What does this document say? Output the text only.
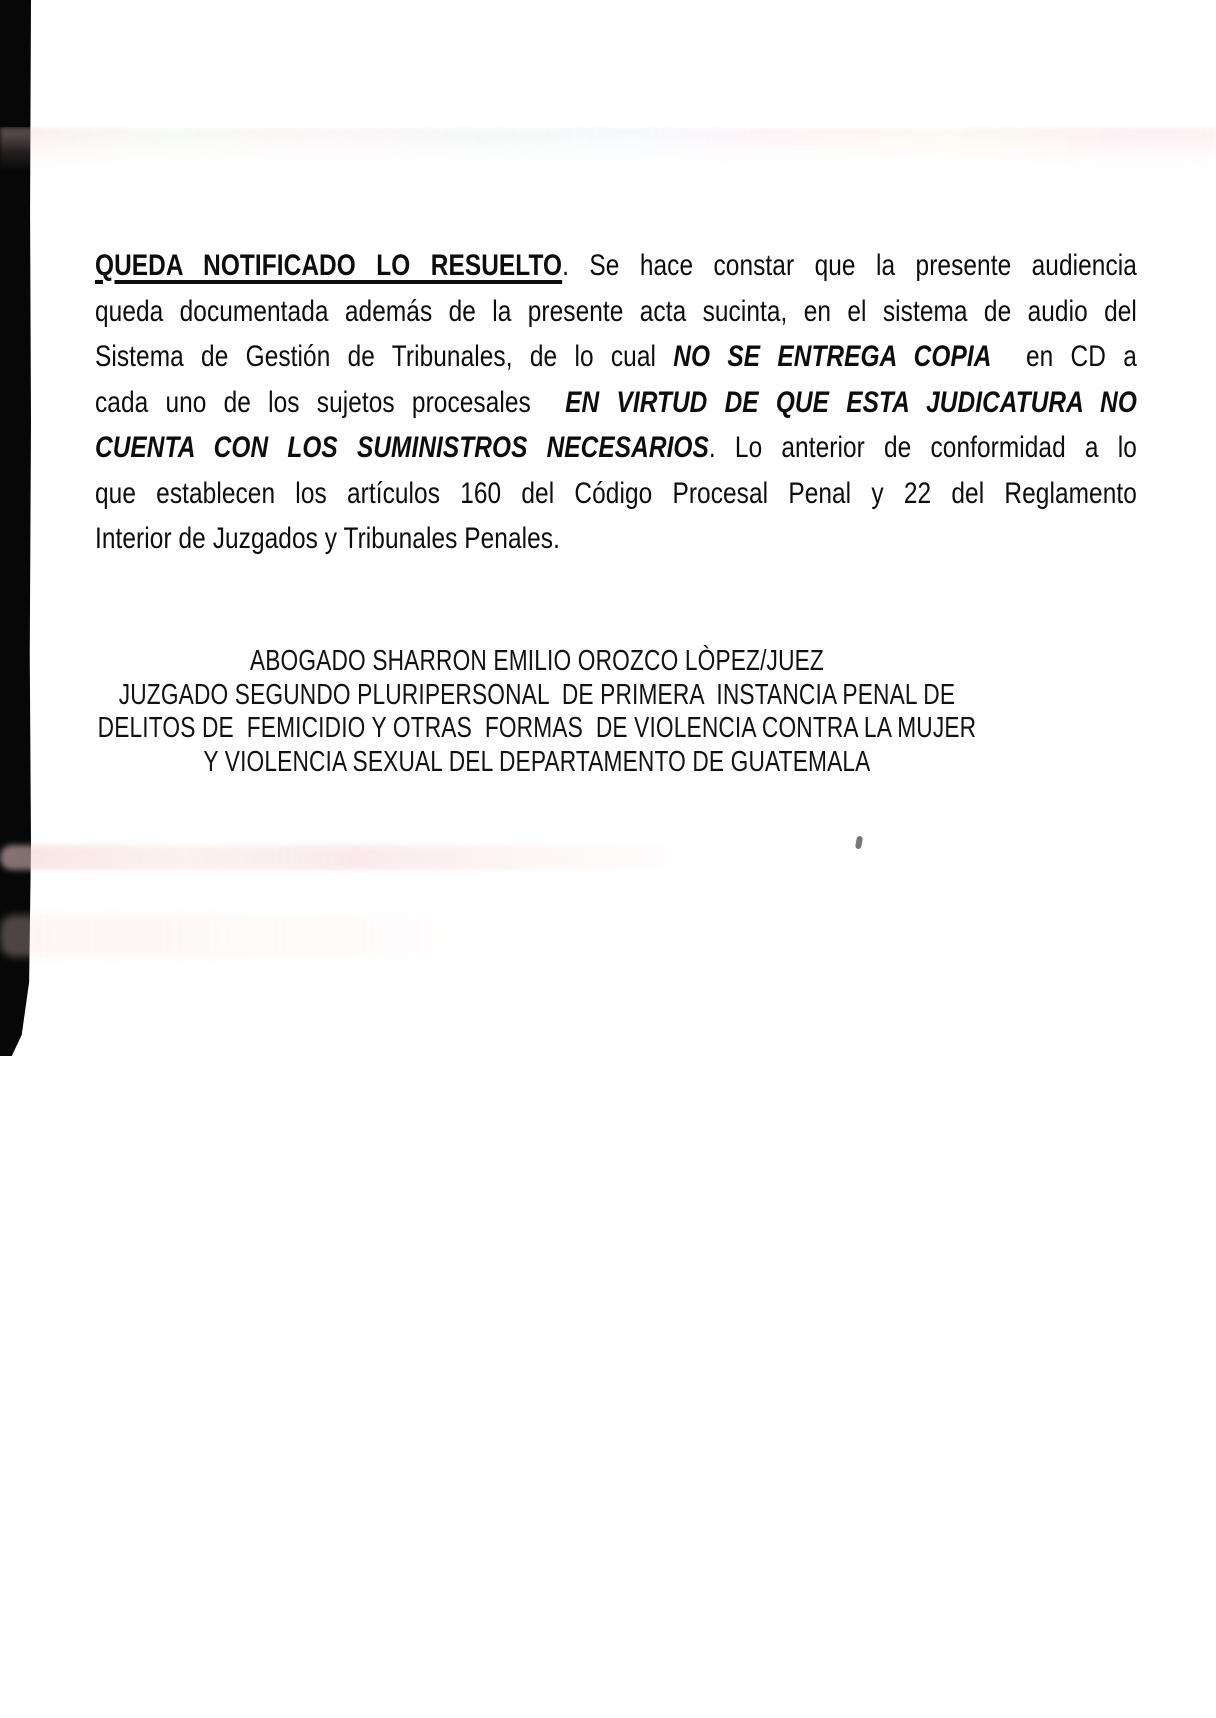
QUEDA NOTIFICADO LO RESUELTO. Se hace constar que la presente audiencia
queda documentada además de la presente acta sucinta, en el sistema de audio del
Sistema de Gestión de Tribunales, de lo cual NO SE ENTREGA COPIA  en CD a
cada uno de los sujetos procesales  EN VIRTUD DE QUE ESTA JUDICATURA NO
CUENTA CON LOS SUMINISTROS NECESARIOS. Lo anterior de conformidad a lo
que establecen los artículos 160 del Código Procesal Penal y 22 del Reglamento
Interior de Juzgados y Tribunales Penales.
ABOGADO SHARRON EMILIO OROZCO LÒPEZ/JUEZ
JUZGADO SEGUNDO PLURIPERSONAL  DE PRIMERA  INSTANCIA PENAL DE
DELITOS DE  FEMICIDIO Y OTRAS  FORMAS  DE VIOLENCIA CONTRA LA MUJER
Y VIOLENCIA SEXUAL DEL DEPARTAMENTO DE GUATEMALA
